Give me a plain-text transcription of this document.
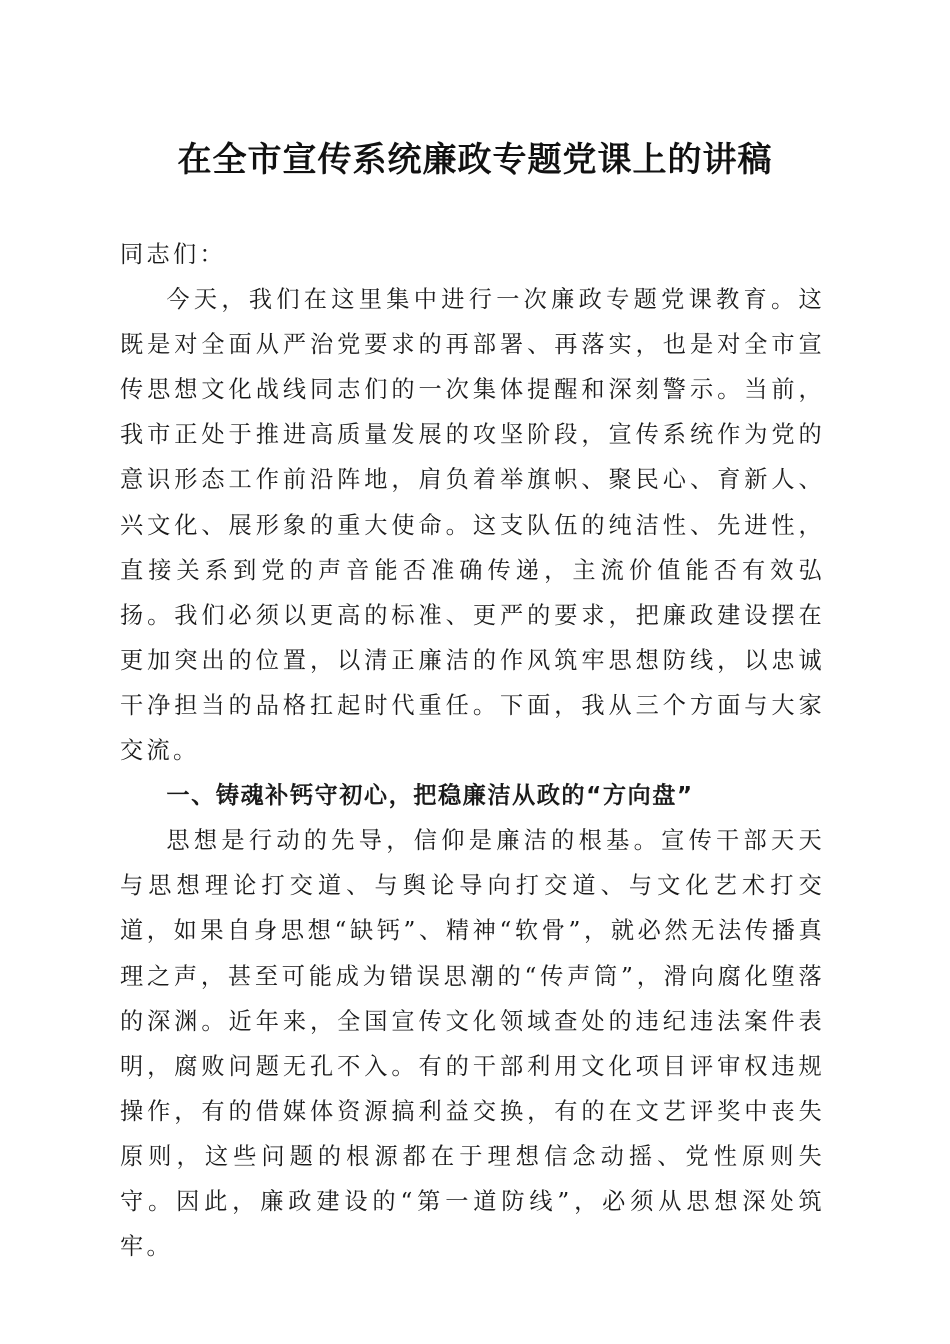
在全市宣传系统廉政专题党课上的讲稿

同志们：

今天，我们在这里集中进行一次廉政专题党课教育。这既是对全面从严治党要求的再部署、再落实，也是对全市宣传思想文化战线同志们的一次集体提醒和深刻警示。当前，我市正处于推进高质量发展的攻坚阶段，宣传系统作为党的意识形态工作前沿阵地，肩负着举旗帜、聚民心、育新人、兴文化、展形象的重大使命。这支队伍的纯洁性、先进性，直接关系到党的声音能否准确传递，主流价值能否有效弘扬。我们必须以更高的标准、更严的要求，把廉政建设摆在更加突出的位置，以清正廉洁的作风筑牢思想防线，以忠诚干净担当的品格扛起时代重任。下面，我从三个方面与大家交流。

一、铸魂补钙守初心，把稳廉洁从政的“方向盘”

思想是行动的先导，信仰是廉洁的根基。宣传干部天天与思想理论打交道、与舆论导向打交道、与文化艺术打交道，如果自身思想“缺钙”、精神“软骨”，就必然无法传播真理之声，甚至可能成为错误思潮的“传声筒”，滑向腐化堕落的深渊。近年来，全国宣传文化领域查处的违纪违法案件表明，腐败问题无孔不入。有的干部利用文化项目评审权违规操作，有的借媒体资源搞利益交换，有的在文艺评奖中丧失原则，这些问题的根源都在于理想信念动摇、党性原则失守。因此，廉政建设的“第一道防线”，必须从思想深处筑牢。
